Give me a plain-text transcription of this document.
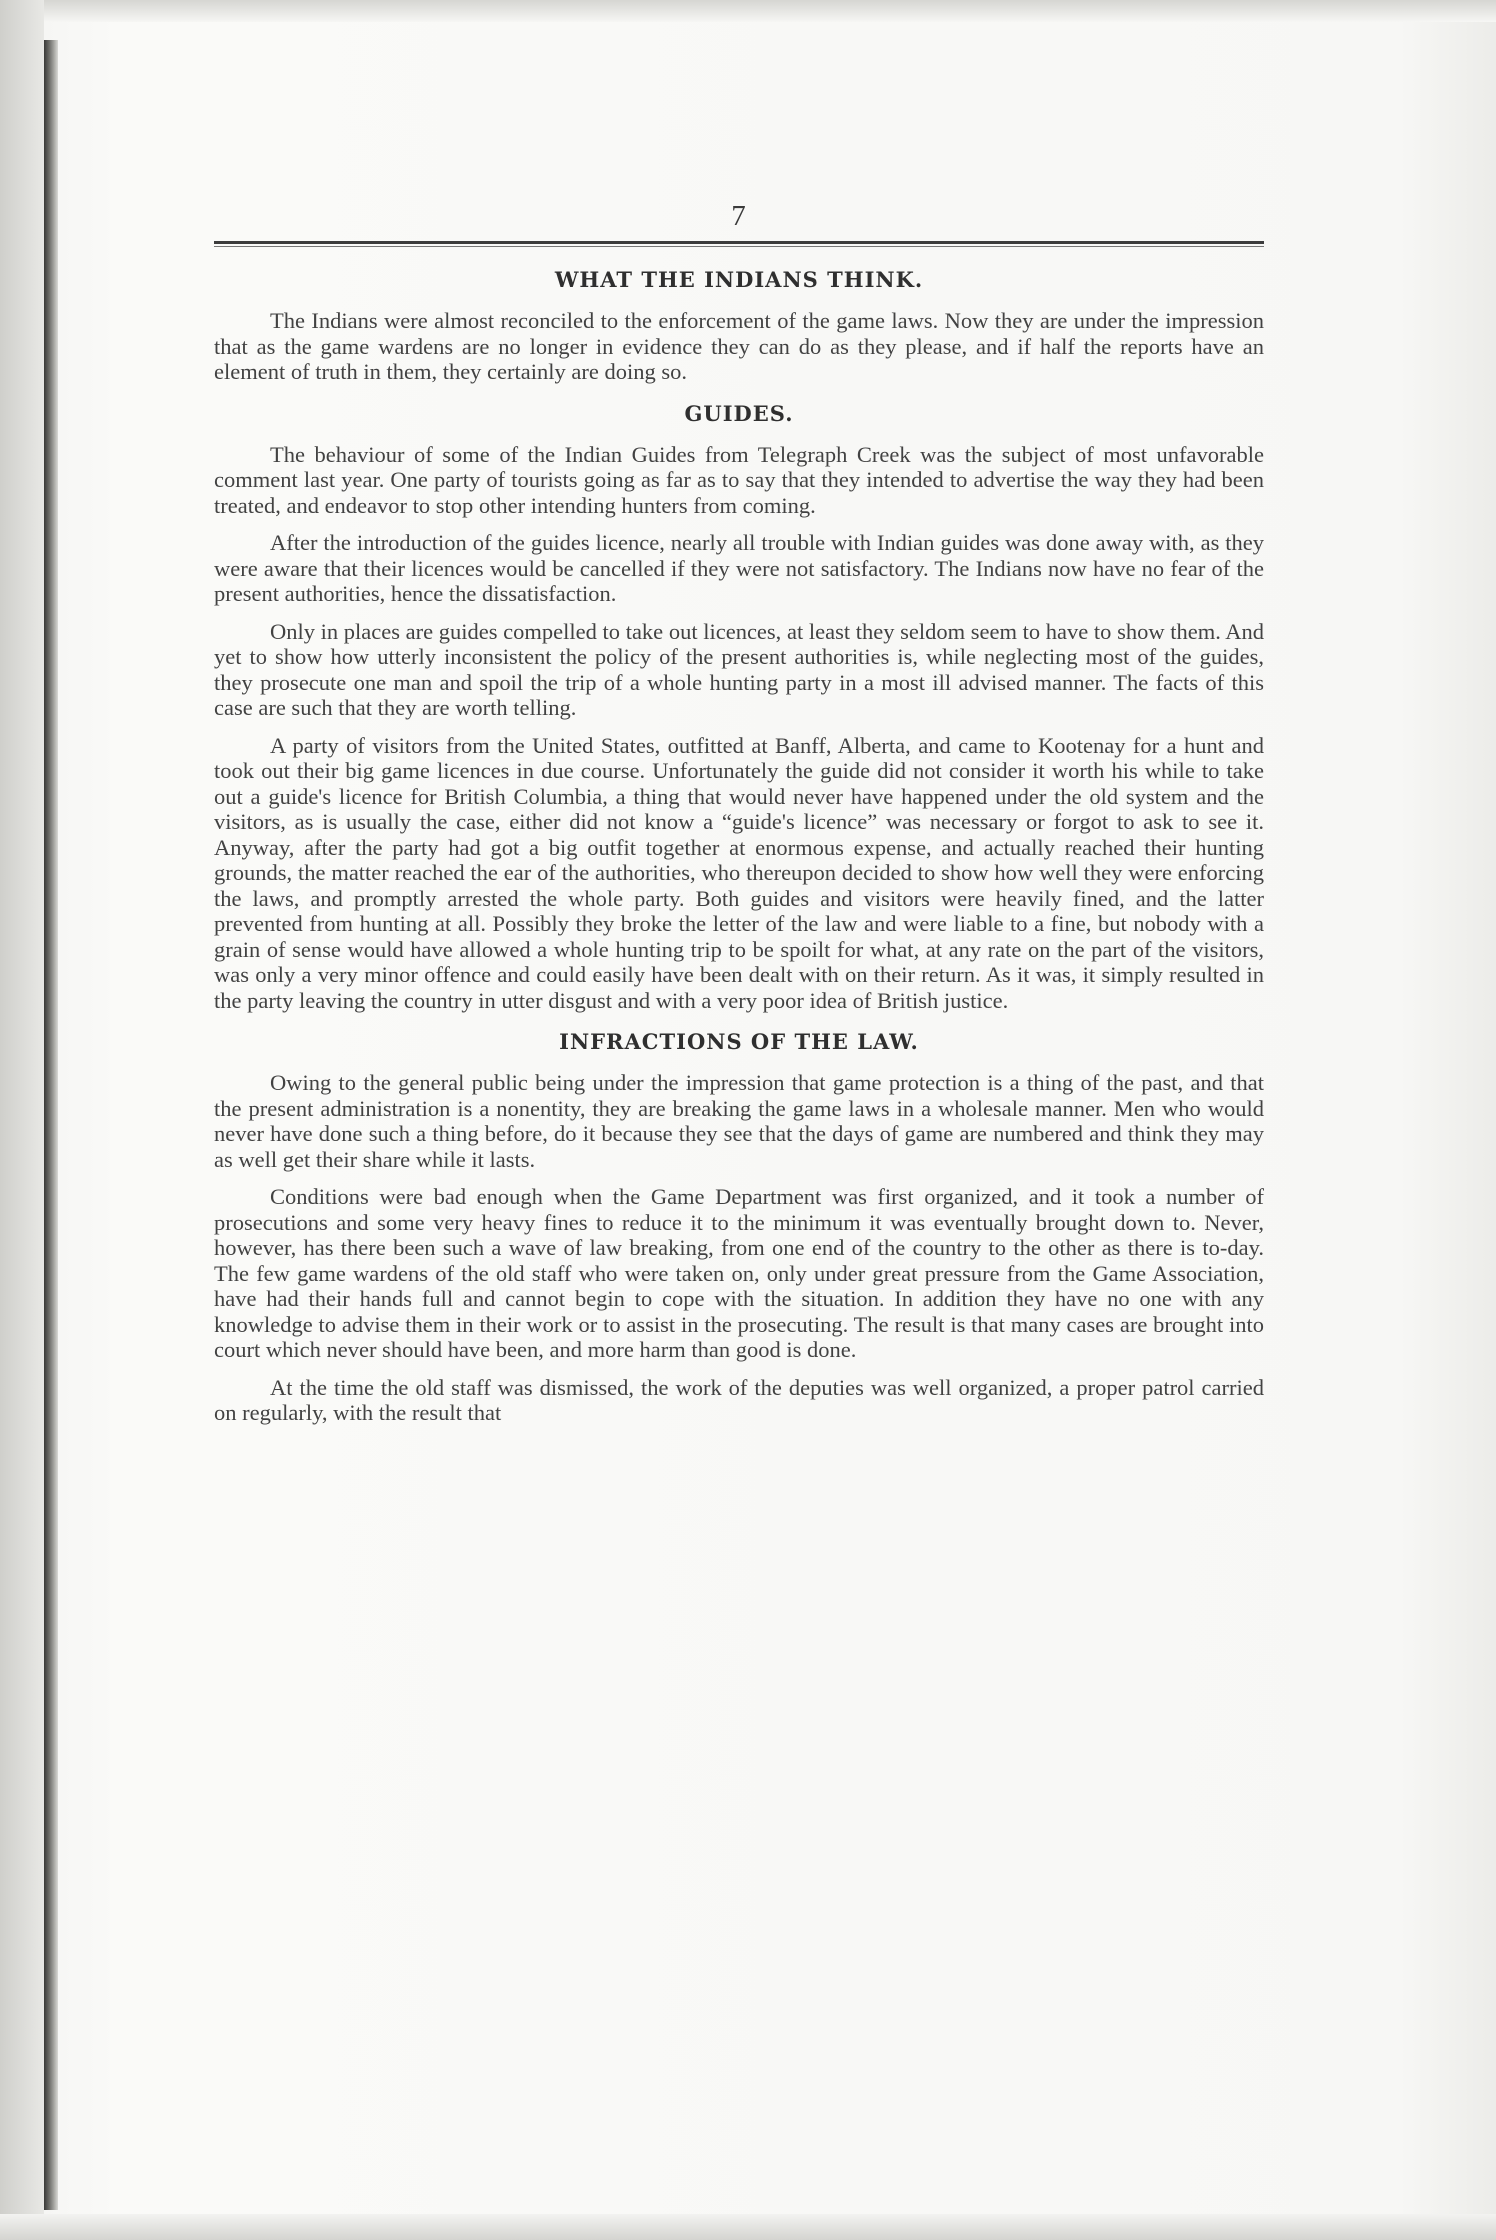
7
WHAT THE INDIANS THINK.

The Indians were almost reconciled to the enforcement of the game laws. Now they are under the impression that as the game wardens are no longer in evidence they can do as they please, and if half the reports have an element of truth in them, they certainly are doing so.

GUIDES.

The behaviour of some of the Indian Guides from Telegraph Creek was the subject of most unfavorable comment last year. One party of tourists going as far as to say that they intended to advertise the way they had been treated, and endeavor to stop other intending hunters from coming.

After the introduction of the guides licence, nearly all trouble with Indian guides was done away with, as they were aware that their licences would be cancelled if they were not satisfactory. The Indians now have no fear of the present authorities, hence the dissatisfaction.

Only in places are guides compelled to take out licences, at least they seldom seem to have to show them. And yet to show how utterly inconsistent the policy of the present authorities is, while neglecting most of the guides, they prosecute one man and spoil the trip of a whole hunting party in a most ill advised manner. The facts of this case are such that they are worth telling.

A party of visitors from the United States, outfitted at Banff, Alberta, and came to Kootenay for a hunt and took out their big game licences in due course. Unfortunately the guide did not consider it worth his while to take out a guide's licence for British Columbia, a thing that would never have happened under the old system and the visitors, as is usually the case, either did not know a “guide's licence” was necessary or forgot to ask to see it. Anyway, after the party had got a big outfit together at enormous expense, and actually reached their hunting grounds, the matter reached the ear of the authorities, who thereupon decided to show how well they were enforcing the laws, and promptly arrested the whole party. Both guides and visitors were heavily fined, and the latter prevented from hunting at all. Possibly they broke the letter of the law and were liable to a fine, but nobody with a grain of sense would have allowed a whole hunting trip to be spoilt for what, at any rate on the part of the visitors, was only a very minor offence and could easily have been dealt with on their return. As it was, it simply resulted in the party leaving the country in utter disgust and with a very poor idea of British justice.

INFRACTIONS OF THE LAW.

Owing to the general public being under the impression that game protection is a thing of the past, and that the present administration is a nonentity, they are breaking the game laws in a wholesale manner. Men who would never have done such a thing before, do it because they see that the days of game are numbered and think they may as well get their share while it lasts.

Conditions were bad enough when the Game Department was first organized, and it took a number of prosecutions and some very heavy fines to reduce it to the minimum it was eventually brought down to. Never, however, has there been such a wave of law breaking, from one end of the country to the other as there is to-day. The few game wardens of the old staff who were taken on, only under great pressure from the Game Association, have had their hands full and cannot begin to cope with the situation. In addition they have no one with any knowledge to advise them in their work or to assist in the prosecuting. The result is that many cases are brought into court which never should have been, and more harm than good is done.

At the time the old staff was dismissed, the work of the deputies was well organized, a proper patrol carried on regularly, with the result that
